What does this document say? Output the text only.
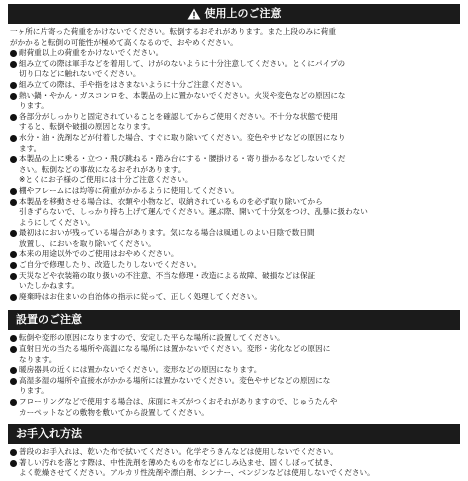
使用上のご注意
一ヶ所に片寄った荷重をかけないでください。転倒するおそれがあります。また上段のみに荷重
がかかると転倒の可能性が極めて高くなるので、おやめください。
耐荷重以上の荷重をかけないでください。
組み立ての際は軍手などを着用して、けがのないように十分注意してください。とくにパイプの
切り口などに触れないでください。
組み立ての際は、手や指をはさまないように十分ご注意ください。
熱い鍋・やかん・ガスコンロを、本製品の上に置かないでください。火災や変色などの原因にな
ります。
各部分がしっかりと固定されていることを確認してからご使用ください。不十分な状態で使用
すると、転倒や破損の原因となります。
水分・油・洗剤などが付着した場合、すぐに取り除いてください。変色やサビなどの原因になり
ます。
本製品の上に乗る・立つ・飛び跳ねる・踏み台にする・腰掛ける・寄り掛かるなどしないでくだ
さい。転倒などの事故になるおそれがあります。
※とくにお子様のご使用には十分ご注意ください。
棚やフレームには均等に荷重がかかるように使用してください。
本製品を移動させる場合は、衣類や小物など、収納されているものを必ず取り除いてから
引きずらないで、しっかり持ち上げて運んでください。運ぶ際、開いて十分気をつけ、乱暴に扱わない
ようにしてください。
最初はにおいが残っている場合があります。気になる場合は風通しのよい日陰で数日間
放置し、においを取り除いてください。
本来の用途以外でのご使用はおやめください。
ご自分で修理したり、改造したりしないでください。
天災などや衣装箱の取り扱いの不注意、不当な修理・改造による故障、破損などは保証
いたしかねます。
廃棄時はお住まいの自治体の指示に従って、正しく処理してください。
設置のご注意
転倒や変形の原因になりますので、安定した平らな場所に設置してください。
直射日光の当たる場所や高温になる場所には置かないでください。変形・劣化などの原因に
なります。
暖房器具の近くには置かないでください。変形などの原因になります。
高湿多湿の場所や直接水がかかる場所には置かないでください。変色やサビなどの原因にな
ります。
フローリングなどで使用する場合は、床面にキズがつくおそれがありますので、じゅうたんや
カーペットなどの敷物を敷いてから設置してください。
お手入れ方法
普段のお手入れは、乾いた布で拭いてください。化学ぞうきんなどは使用しないでください。
著しい汚れを落とす際は、中性洗剤を薄めたものを布などにしみ込ませ、固くしぼって拭き、
よく乾燥させてください。アルカリ性洗剤や漂白剤、シンナー、ベンジンなどは使用しないでください。
